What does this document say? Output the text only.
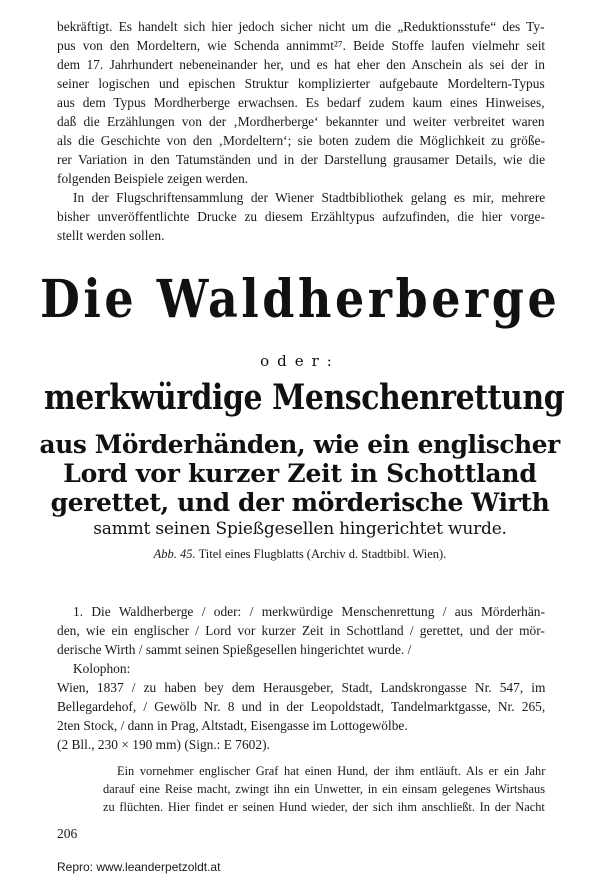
bekräftigt. Es handelt sich hier jedoch sicher nicht um die „Reduktionsstufe“ des Ty-
pus von den Mordeltern, wie Schenda annimmt²⁷. Beide Stoffe laufen vielmehr seit
dem 17. Jahrhundert nebeneinander her, und es hat eher den Anschein als sei der in
seiner logischen und epischen Struktur komplizierter aufgebaute Mordeltern-Typus
aus dem Typus Mordherberge erwachsen. Es bedarf zudem kaum eines Hinweises,
daß die Erzählungen von der ‚Mordherberge‘ bekannter und weiter verbreitet waren
als die Geschichte von den ‚Mordeltern‘; sie boten zudem die Möglichkeit zu größe-
rer Variation in den Tatumständen und in der Darstellung grausamer Details, wie die
folgenden Beispiele zeigen werden.
In der Flugschriftensammlung der Wiener Stadtbibliothek gelang es mir, mehrere
bisher unveröffentlichte Drucke zu diesem Erzähltypus aufzufinden, die hier vorge-
stellt werden sollen.
Die Waldherberge
oder:
merkwürdige Menschenrettung
aus Mörderhänden, wie ein englischer
Lord vor kurzer Zeit in Schottland
gerettet, und der mörderische Wirth
sammt seinen Spießgesellen hingerichtet wurde.
Abb. 45. Titel eines Flugblatts (Archiv d. Stadtbibl. Wien).
1. Die Waldherberge / oder: / merkwürdige Menschenrettung / aus Mörderhän-
den, wie ein englischer / Lord vor kurzer Zeit in Schottland / gerettet, und der mör-
derische Wirth / sammt seinen Spießgesellen hingerichtet wurde. /
Kolophon:
Wien, 1837 / zu haben bey dem Herausgeber, Stadt, Landskrongasse Nr. 547, im
Bellegardehof, / Gewölb Nr. 8 und in der Leopoldstadt, Tandelmarktgasse, Nr. 265,
2ten Stock, / dann in Prag, Altstadt, Eisengasse im Lottogewölbe.
(2 Bll., 230 × 190 mm) (Sign.: E 7602).
Ein vornehmer englischer Graf hat einen Hund, der ihm entläuft. Als er ein Jahr
darauf eine Reise macht, zwingt ihn ein Unwetter, in ein einsam gelegenes Wirtshaus
zu flüchten. Hier findet er seinen Hund wieder, der sich ihm anschließt. In der Nacht
206
Repro: www.leanderpetzoldt.at
